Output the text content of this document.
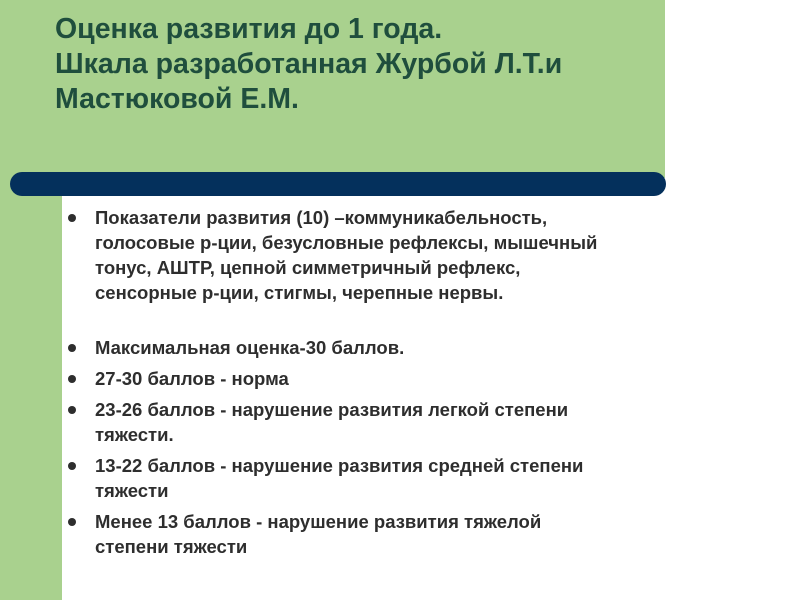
Оценка развития до 1 года.
Шкала разработанная Журбой Л.Т.и
Мастюковой Е.М.
Показатели развития (10) –коммуникабельность,
голосовые р-ции, безусловные рефлексы, мышечный
тонус, АШТР, цепной симметричный рефлекс,
сенсорные р-ции, стигмы, черепные нервы.
Максимальная оценка-30 баллов.
27-30 баллов - норма
23-26 баллов - нарушение развития легкой степени
тяжести.
13-22 баллов - нарушение развития средней степени
тяжести
Менее 13 баллов - нарушение развития тяжелой
степени тяжести
